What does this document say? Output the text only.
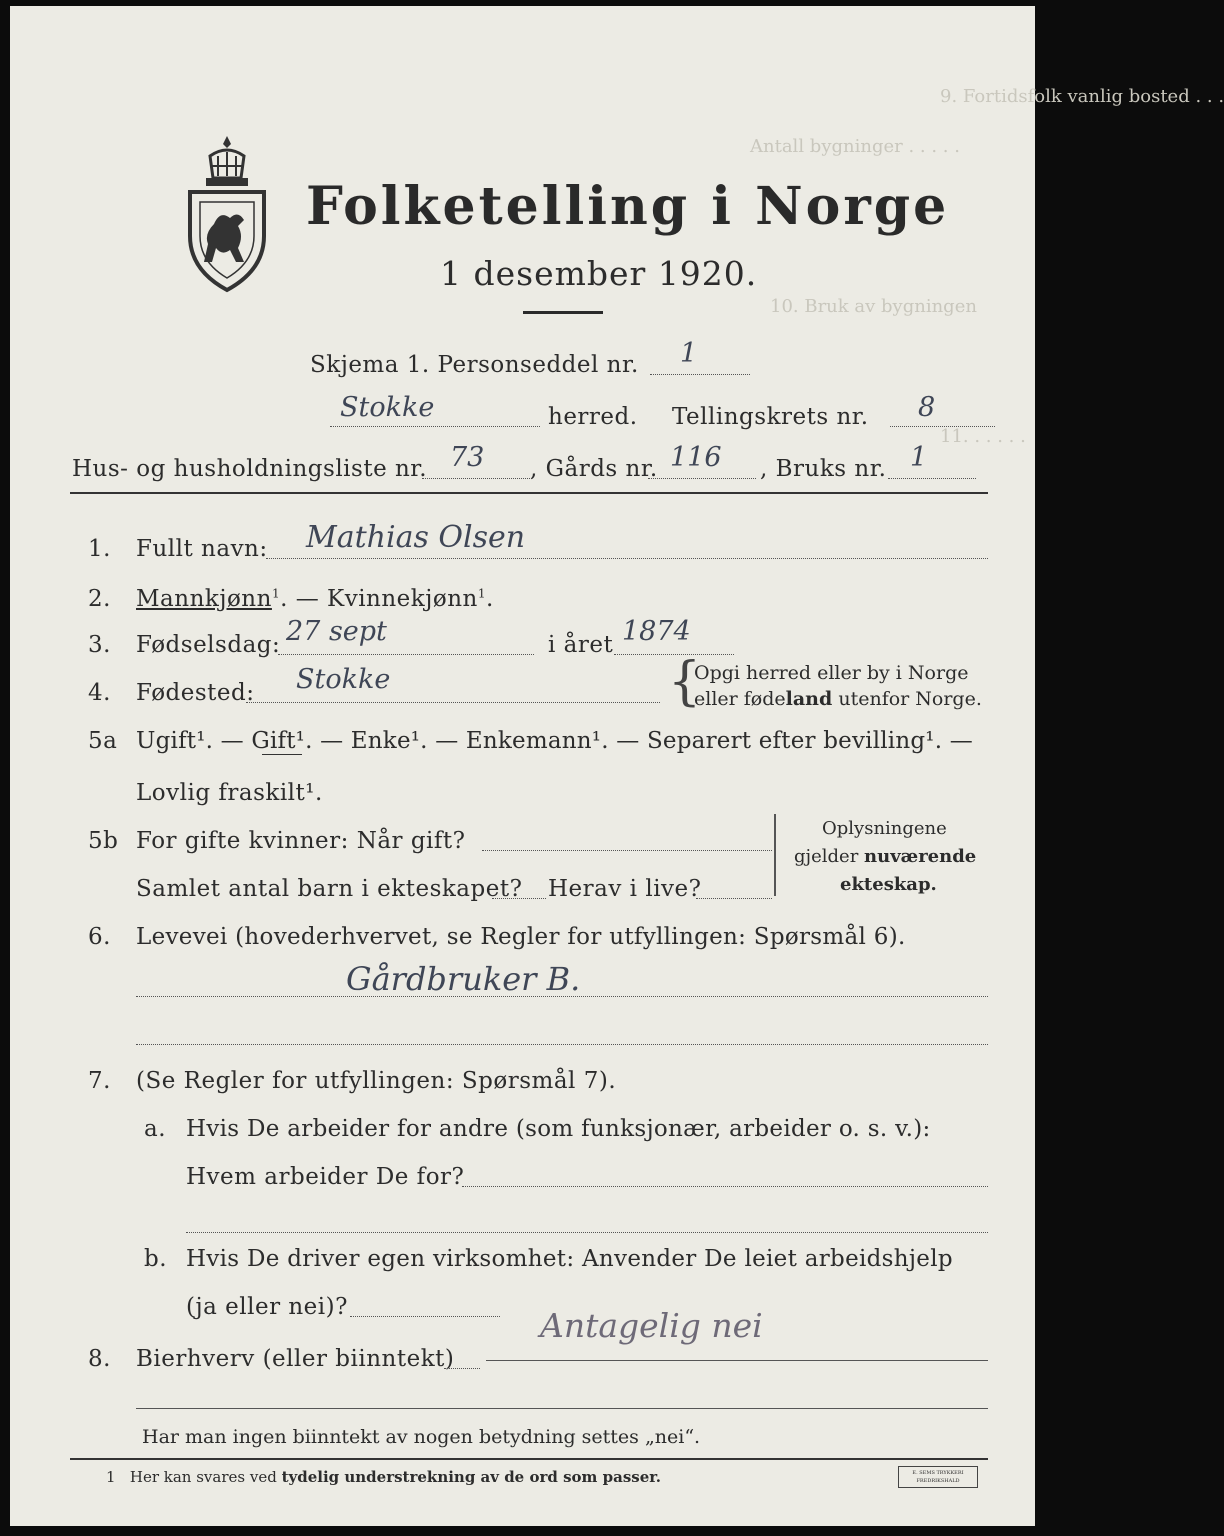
9. Fortidsfolk vanlig bosted . . .
Antall bygninger . . . . .
10. Bruk av bygningen
11. . . . . .
Folketelling i Norge
1 desember 1920.
Skjema 1. Personseddel nr. 1
Stokke	herred. Tellingskrets nr. 8
Hus- og husholdningsliste nr. 73 , Gårds nr. 116 , Bruks nr. 1
1. Fullt navn: Mathias Olsen
2. Mannkjønn$^1$. — Kvinnekjønn$^1$.
3. Fødselsdag: 27 sept	i året 1874
4. Fødested: Stokke	{
Opgi herred eller by i Norge
eller fødeland utenfor Norge.
5a Ugift¹. — Gift¹. — Enke¹. — Enkemann¹. — Separert efter bevilling¹. —
Lovlig fraskilt¹.
5b For gifte kvinner: Når gift?
Samlet antal barn i ekteskapet? Herav i live?
Oplysningene
gjelder nuværende
ekteskap.
6. Levevei (hovederhvervet, se Regler for utfyllingen: Spørsmål 6).
Gårdbruker B.
7. (Se Regler for utfyllingen: Spørsmål 7).
a. Hvis De arbeider for andre (som funksjonær, arbeider o. s. v.):
Hvem arbeider De for?
b. Hvis De driver egen virksomhet: Anvender De leiet arbeidshjelp
(ja eller nei)?
8. Bierhverv (eller biinntekt)
Antagelig nei
Har man ingen biinntekt av nogen betydning settes „nei“.
1 Her kan svares ved tydelig understrekning av de ord som passer.	E. SEMS TRYKKERI
FREDRIKSHALD
